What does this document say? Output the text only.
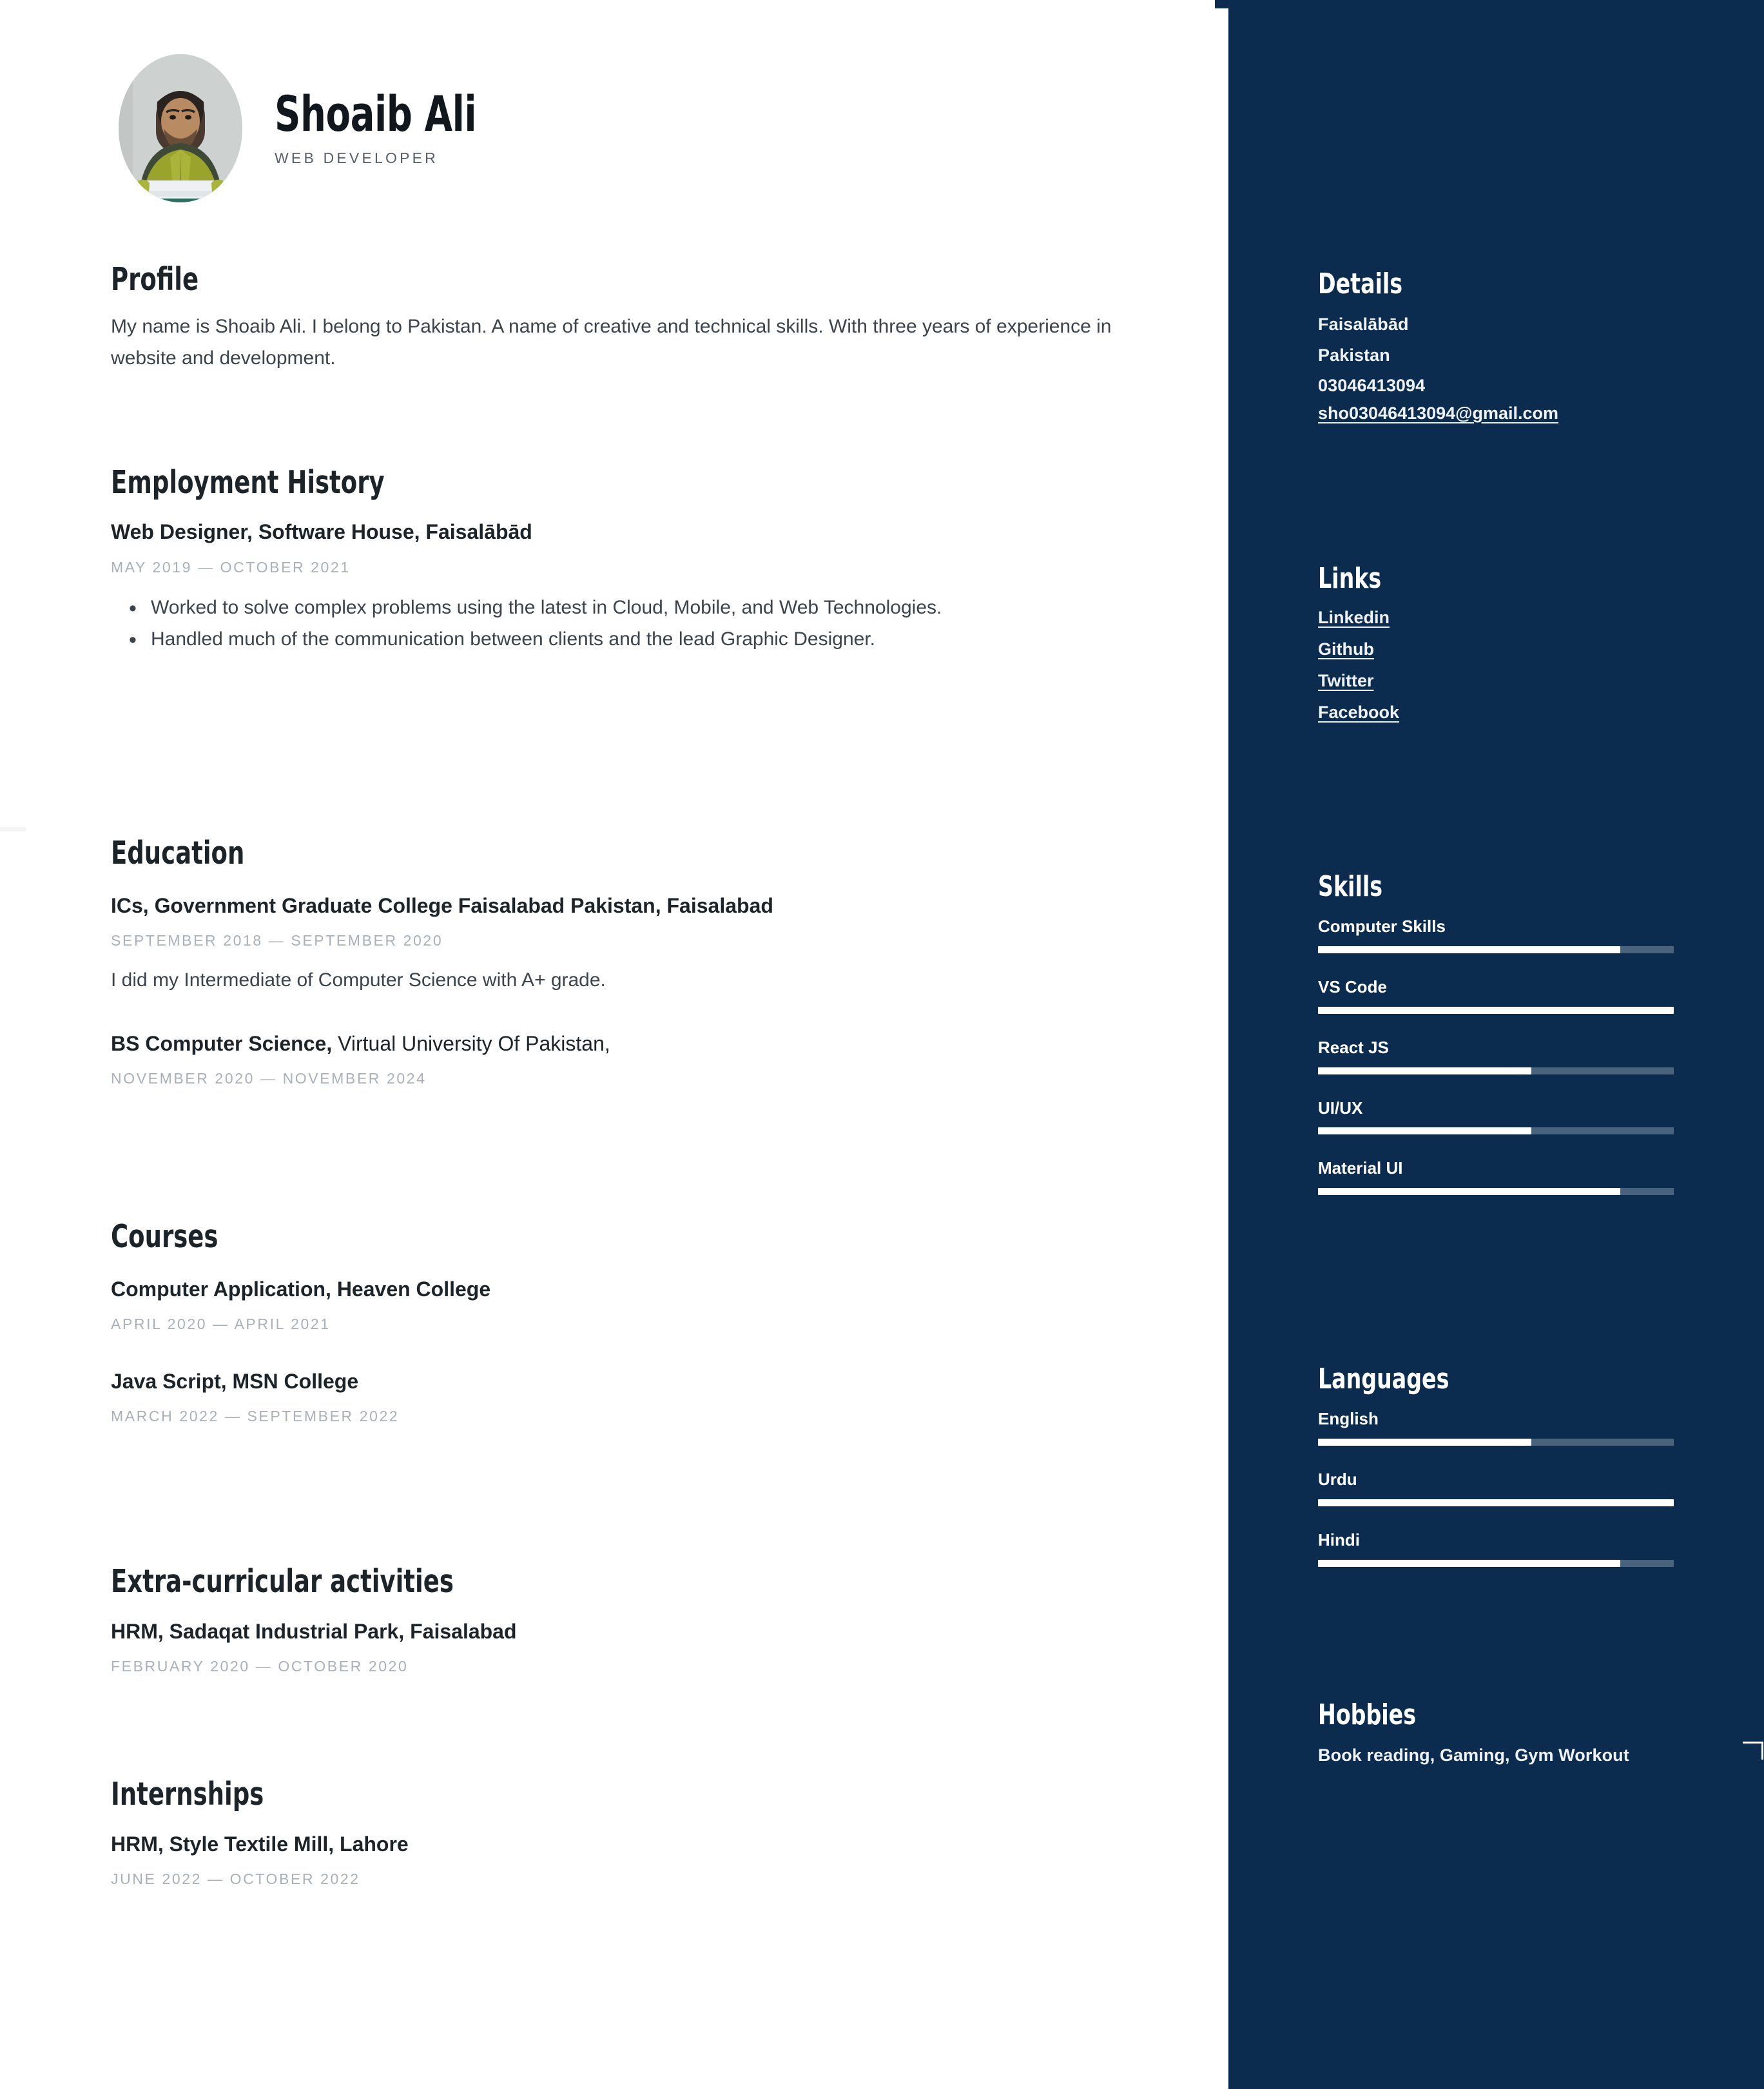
Shoaib Ali
WEB DEVELOPER
Profile
My name is Shoaib Ali. I belong to Pakistan. A name of creative and technical skills. With three years of experience in website and development.
Employment History
Web Designer, Software House, Faisalābād
MAY 2019 — OCTOBER 2021
• Worked to solve complex problems using the latest in Cloud, Mobile, and Web Technologies.
• Handled much of the communication between clients and the lead Graphic Designer.
Education
ICs, Government Graduate College Faisalabad Pakistan, Faisalabad
SEPTEMBER 2018 — SEPTEMBER 2020
I did my Intermediate of Computer Science with A+ grade.
BS Computer Science, Virtual University Of Pakistan,
NOVEMBER 2020 — NOVEMBER 2024
Courses
Computer Application, Heaven College
APRIL 2020 — APRIL 2021
Java Script, MSN College
MARCH 2022 — SEPTEMBER 2022
Extra-curricular activities
HRM, Sadaqat Industrial Park, Faisalabad
FEBRUARY 2020 — OCTOBER 2020
Internships
HRM, Style Textile Mill, Lahore
JUNE 2022 — OCTOBER 2022
Details
Faisalābād
Pakistan
03046413094
sho03046413094@gmail.com
Links
Linkedin
Github
Twitter
Facebook
Skills
Computer Skills
VS Code
React JS
UI/UX
Material UI
Languages
English
Urdu
Hindi
Hobbies
Book reading, Gaming, Gym Workout
